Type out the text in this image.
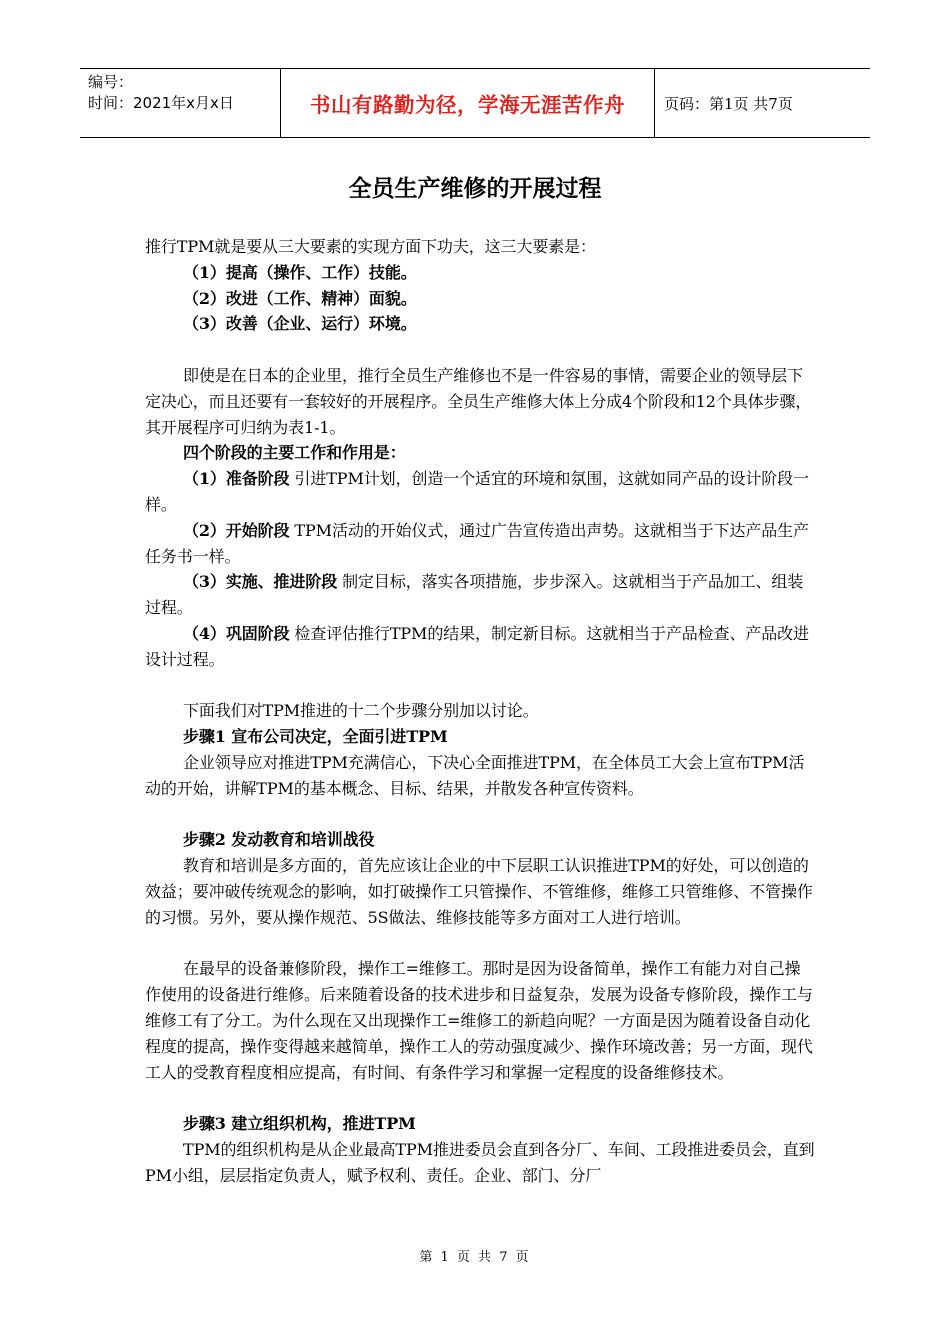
编号：
时间：2021年x月x日	书山有路勤为径，学海无涯苦作舟	页码：第1页 共7页
全员生产维修的开展过程

推行TPM就是要从三大要素的实现方面下功夫，这三大要素是：

（1）提高（操作、工作）技能。

（2）改进（工作、精神）面貌。

（3）改善（企业、运行）环境。

即使是在日本的企业里，推行全员生产维修也不是一件容易的事情，需要企业的领导层下定决心，而且还要有一套较好的开展程序。全员生产维修大体上分成4个阶段和12个具体步骤，其开展程序可归纳为表1-1。

四个阶段的主要工作和作用是：

（1）准备阶段 引进TPM计划，创造一个适宜的环境和氛围，这就如同产品的设计阶段一样。

（2）开始阶段 TPM活动的开始仪式，通过广告宣传造出声势。这就相当于下达产品生产任务书一样。

（3）实施、推进阶段 制定目标，落实各项措施，步步深入。这就相当于产品加工、组装过程。

（4）巩固阶段 检查评估推行TPM的结果，制定新目标。这就相当于产品检查、产品改进设计过程。

下面我们对TPM推进的十二个步骤分别加以讨论。

步骤1 宣布公司决定，全面引进TPM

企业领导应对推进TPM充满信心，下决心全面推进TPM，在全体员工大会上宣布TPM活动的开始，讲解TPM的基本概念、目标、结果，并散发各种宣传资料。

步骤2 发动教育和培训战役

教育和培训是多方面的，首先应该让企业的中下层职工认识推进TPM的好处，可以创造的效益；要冲破传统观念的影响，如打破操作工只管操作、不管维修，维修工只管维修、不管操作的习惯。另外，要从操作规范、5S做法、维修技能等多方面对工人进行培训。

在最早的设备兼修阶段，操作工=维修工。那时是因为设备简单，操作工有能力对自己操作使用的设备进行维修。后来随着设备的技术进步和日益复杂，发展为设备专修阶段，操作工与维修工有了分工。为什么现在又出现操作工=维修工的新趋向呢？一方面是因为随着设备自动化程度的提高，操作变得越来越简单，操作工人的劳动强度减少、操作环境改善；另一方面，现代工人的受教育程度相应提高，有时间、有条件学习和掌握一定程度的设备维修技术。

步骤3 建立组织机构，推进TPM

TPM的组织机构是从企业最高TPM推进委员会直到各分厂、车间、工段推进委员会，直到PM小组，层层指定负责人，赋予权利、责任。企业、部门、分厂

第 1 页 共 7 页
